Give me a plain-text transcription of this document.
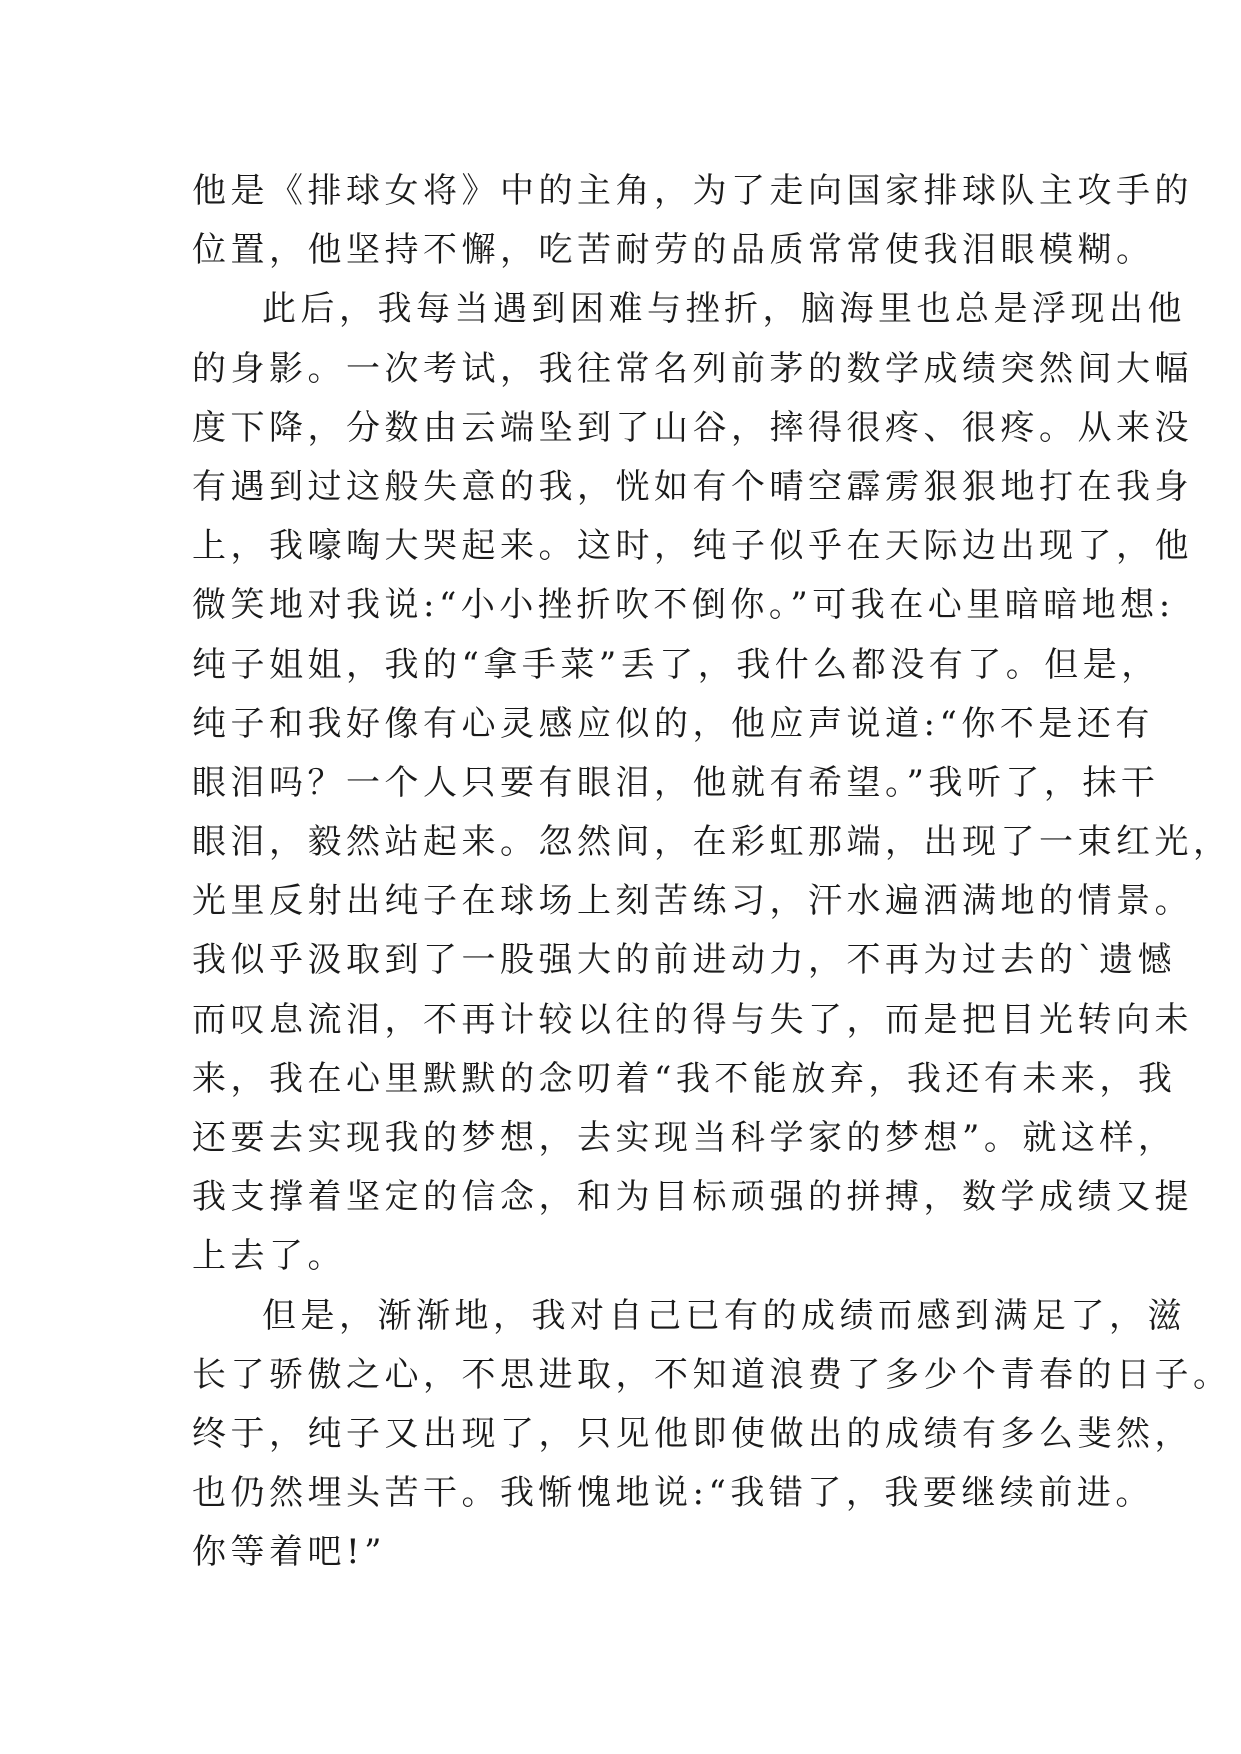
他是《排球女将》中的主角，为了走向国家排球队主攻手的
位置，他坚持不懈，吃苦耐劳的品质常常使我泪眼模糊。
此后，我每当遇到困难与挫折，脑海里也总是浮现出他
的身影。一次考试，我往常名列前茅的数学成绩突然间大幅
度下降，分数由云端坠到了山谷，摔得很疼、很疼。从来没
有遇到过这般失意的我，恍如有个晴空霹雳狠狠地打在我身
上，我嚎啕大哭起来。这时，纯子似乎在天际边出现了，他
微笑地对我说:“小小挫折吹不倒你。”可我在心里暗暗地想:
纯子姐姐，我的“拿手菜”丢了，我什么都没有了。但是，
纯子和我好像有心灵感应似的，他应声说道:“你不是还有
眼泪吗？一个人只要有眼泪，他就有希望。”我听了，抹干
眼泪，毅然站起来。忽然间，在彩虹那端，出现了一束红光，
光里反射出纯子在球场上刻苦练习，汗水遍洒满地的情景。
我似乎汲取到了一股强大的前进动力，不再为过去的`遗憾
而叹息流泪，不再计较以往的得与失了，而是把目光转向未
来，我在心里默默的念叨着“我不能放弃，我还有未来，我
还要去实现我的梦想，去实现当科学家的梦想”。就这样，
我支撑着坚定的信念，和为目标顽强的拼搏，数学成绩又提
上去了。
但是，渐渐地，我对自己已有的成绩而感到满足了，滋
长了骄傲之心，不思进取，不知道浪费了多少个青春的日子。
终于，纯子又出现了，只见他即使做出的成绩有多么斐然，
也仍然埋头苦干。我惭愧地说:“我错了，我要继续前进。
你等着吧!”
